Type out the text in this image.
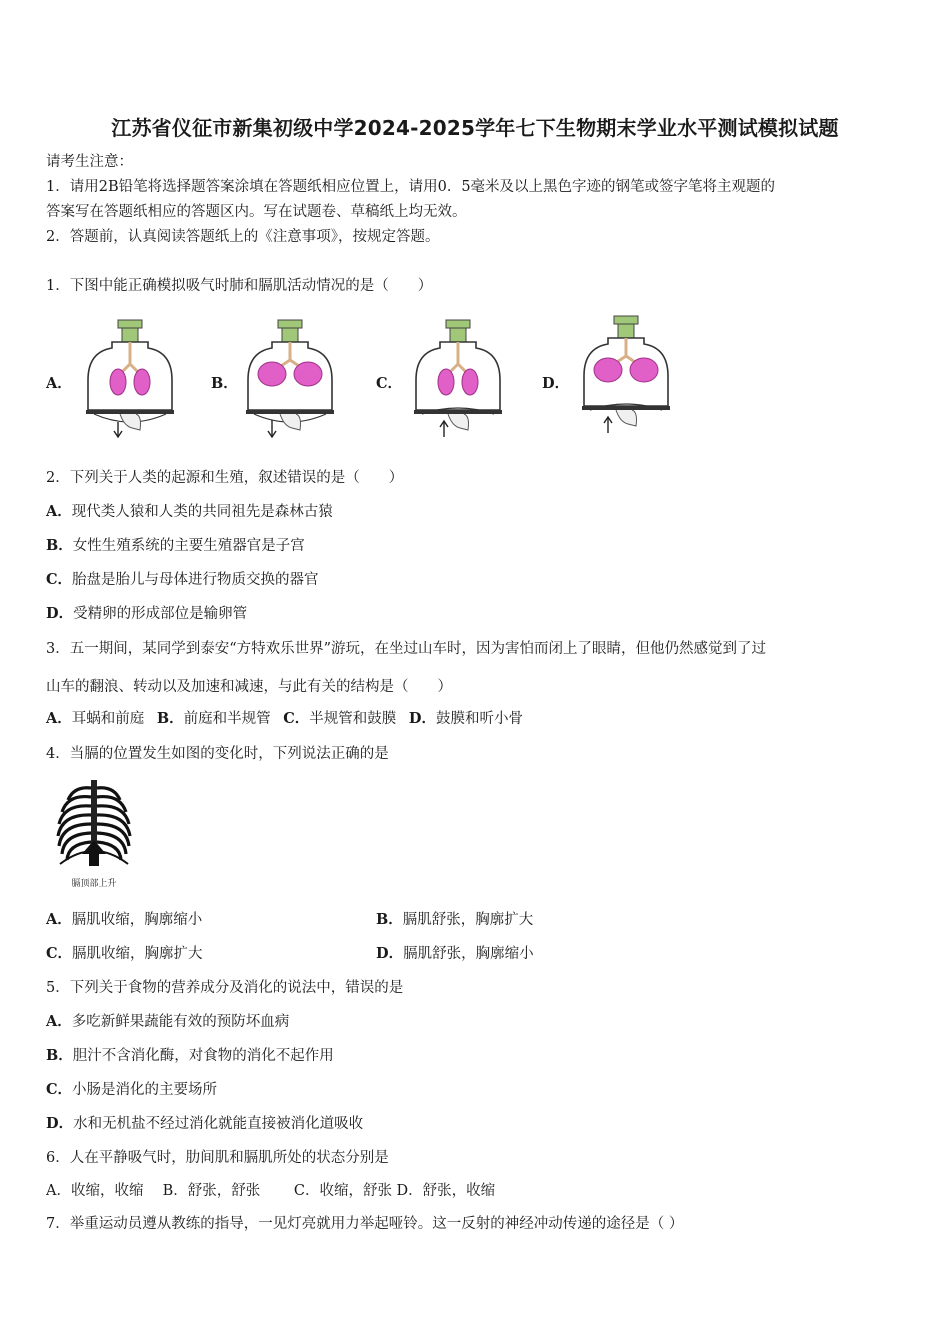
江苏省仪征市新集初级中学2024-2025学年七下生物期末学业水平测试模拟试题
请考生注意：
1．请用2B铅笔将选择题答案涂填在答题纸相应位置上，请用0．5毫米及以上黑色字迹的钢笔或签字笔将主观题的
答案写在答题纸相应的答题区内。写在试题卷、草稿纸上均无效。
2．答题前，认真阅读答题纸上的《注意事项》，按规定答题。
1．下图中能正确模拟吸气时肺和膈肌活动情况的是（　　）
A．	B．	C．	D．
2．下列关于人类的起源和生殖，叙述错误的是（　　）
A．现代类人猿和人类的共同祖先是森林古猿
B．女性生殖系统的主要生殖器官是子宫
C．胎盘是胎儿与母体进行物质交换的器官
D．受精卵的形成部位是输卵管
3．五一期间，某同学到泰安“方特欢乐世界”游玩，在坐过山车时，因为害怕而闭上了眼睛，但他仍然感觉到了过
山车的翻浪、转动以及加速和减速，与此有关的结构是（　　）
A．耳蜗和前庭 B．前庭和半规管 C．半规管和鼓膜 D．鼓膜和听小骨
4．当膈的位置发生如图的变化时，下列说法正确的是
膈顶部上升
A．膈肌收缩，胸廓缩小	B．膈肌舒张，胸廓扩大
C．膈肌收缩，胸廓扩大	D．膈肌舒张，胸廓缩小
5．下列关于食物的营养成分及消化的说法中，错误的是
A．多吃新鲜果蔬能有效的预防坏血病
B．胆汁不含消化酶，对食物的消化不起作用
C．小肠是消化的主要场所
D．水和无机盐不经过消化就能直接被消化道吸收
6．人在平静吸气时，肋间肌和膈肌所处的状态分别是
A．收缩，收缩　 B．舒张，舒张　　 C．收缩，舒张 D．舒张，收缩
7．举重运动员遵从教练的指导，一见灯亮就用力举起哑铃。这一反射的神经冲动传递的途径是（ ）
